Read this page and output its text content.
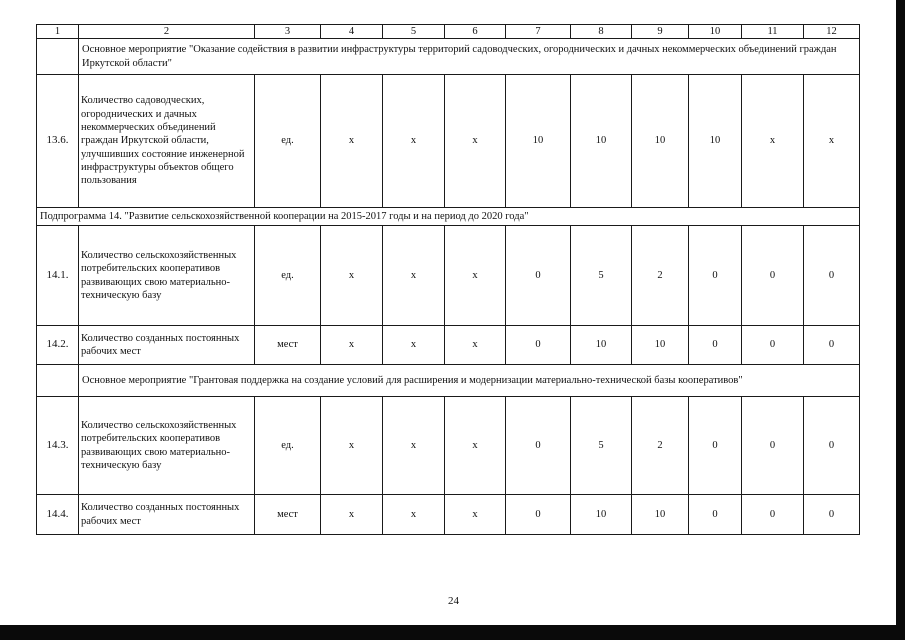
1	2	3	4	5	6	7	8	9	10	11	12
	Основное мероприятие "Оказание содействия в развитии инфраструктуры территорий садоводческих, огороднических и дачных некоммерческих объединений граждан Иркутской области"										
13.6.	Количество садоводческих, огороднических и дачных некоммерческих объединений граждан Иркутской области, улучшивших состояние инженерной инфраструктуры объектов общего пользования	ед.	х	х	х	10	10	10	10	х	х
Подпрограмма 14. "Развитие сельскохозяйственной кооперации на 2015-2017 годы и на период до 2020 года"											
14.1.	Количество сельскохозяйственных потребительских кооперативов развивающих свою материально-техническую базу	ед.	х	х	х	0	5	2	0	0	0
14.2.	Количество созданных постоянных рабочих мест	мест	х	х	х	0	10	10	0	0	0
	Основное мероприятие "Грантовая поддержка на создание условий для расширения и модернизации материально-технической базы кооперативов"										
14.3.	Количество сельскохозяйственных потребительских кооперативов развивающих свою материально-техническую базу	ед.	х	х	х	0	5	2	0	0	0
14.4.	Количество созданных постоянных рабочих мест	мест	х	х	х	0	10	10	0	0	0
24
